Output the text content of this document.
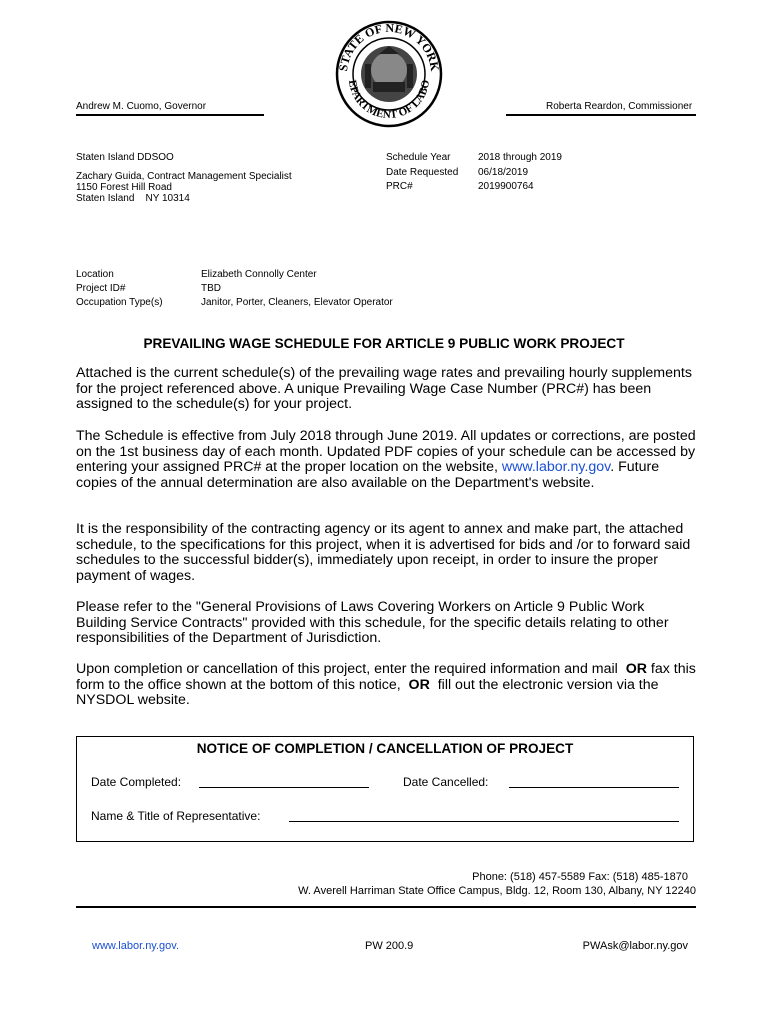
STATE OF NEW YORK
EPARTMENT OF LABO
Andrew M. Cuomo, Governor	Roberta Reardon, Commissioner
Staten Island DDSOO
Zachary Guida, Contract Management Specialist
1150 Forest Hill Road
Staten Island    NY 10314
Schedule Year	2018 through 2019
Date Requested 06/18/2019
PRC#	2019900764
Location	Elizabeth Connolly Center
Project ID#	TBD
Occupation Type(s)	Janitor, Porter, Cleaners, Elevator Operator
PREVAILING WAGE SCHEDULE FOR ARTICLE 9 PUBLIC WORK PROJECT

Attached is the current schedule(s) of the prevailing wage rates and prevailing hourly supplements for the project referenced above. A unique Prevailing Wage Case Number (PRC#) has been assigned to the schedule(s) for your project.

The Schedule is effective from July 2018 through June 2019. All updates or corrections, are posted on the 1st business day of each month. Updated PDF copies of your schedule can be accessed by entering your assigned PRC# at the proper location on the website, www.labor.ny.gov. Future copies of the annual determination are also available on the Department's website.

It is the responsibility of the contracting agency or its agent to annex and make part, the attached schedule, to the specifications for this project, when it is advertised for bids and /or to forward said schedules to the successful bidder(s), immediately upon receipt, in order to insure the proper payment of wages.

Please refer to the "General Provisions of Laws Covering Workers on Article 9 Public Work Building Service Contracts" provided with this schedule, for the specific details relating to other responsibilities of the Department of Jurisdiction.

Upon completion or cancellation of this project, enter the required information and mail OR fax this form to the office shown at the bottom of this notice, OR fill out the electronic version via the NYSDOL website.

NOTICE OF COMPLETION / CANCELLATION OF PROJECT
Date Completed:	Date Cancelled:
Name & Title of Representative:
Phone: (518) 457-5589 Fax: (518) 485-1870
W. Averell Harriman State Office Campus, Bldg. 12, Room 130, Albany, NY 12240
www.labor.ny.gov.	PW 200.9	PWAsk@labor.ny.gov
